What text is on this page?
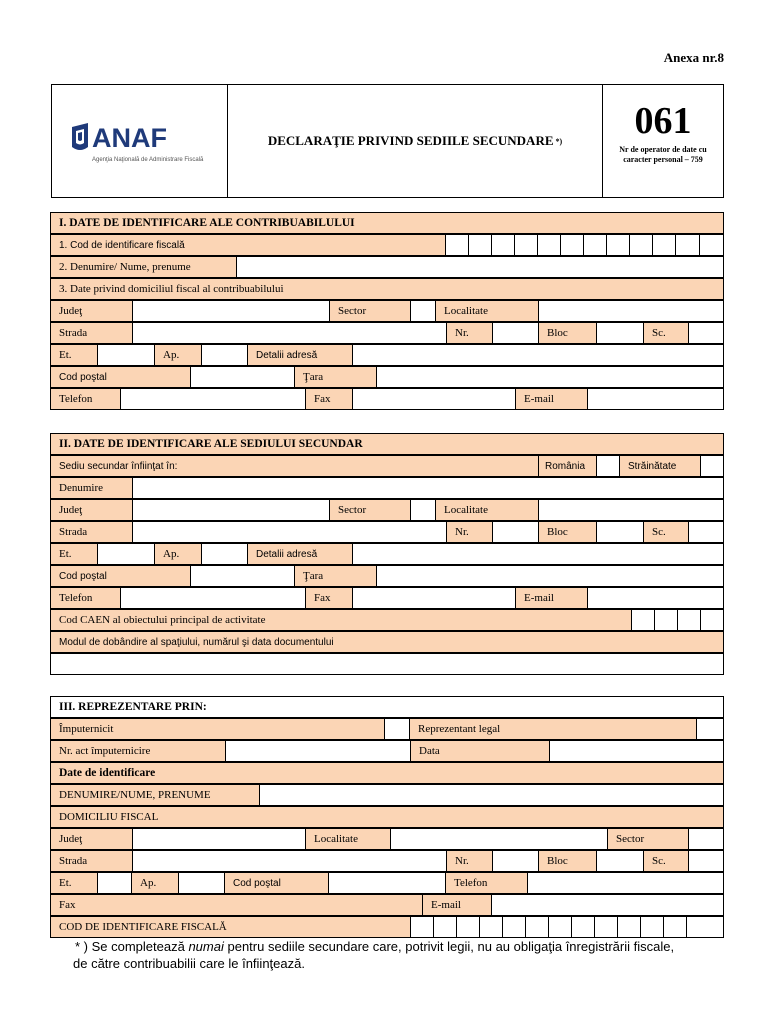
Anexa nr.8
ANAF
Agenţia Naţională de Administrare Fiscală
DECLARAŢIE PRIVIND SEDIILE SECUNDARE *)	061
Nr de operator de date cu caracter personal – 759
I. DATE DE IDENTIFICARE ALE CONTRIBUABILULUI
1. Cod de identificare fiscală
2. Denumire/ Nume, prenume
3. Date privind domiciliul fiscal al contribuabilului
Judeţ	Sector	Localitate
Strada	Nr.	Bloc	Sc.
Et.	Ap.	Detalii adresă
Cod poştal	Ţara
Telefon	Fax	E-mail
II. DATE DE IDENTIFICARE ALE SEDIULUI SECUNDAR
Sediu secundar înfiinţat în:	România	Străinătate
Denumire
Judeţ	Sector	Localitate
Strada	Nr.	Bloc	Sc.
Et.	Ap.	Detalii adresă
Cod poştal	Ţara
Telefon	Fax	E-mail
Cod CAEN al obiectului principal de activitate
Modul de dobândire al spaţiului, numărul şi data documentului
III. REPREZENTARE PRIN:
Împuternicit	Reprezentant legal
Nr. act împuternicire	Data
Date de identificare
DENUMIRE/NUME, PRENUME
DOMICILIU FISCAL
Judeţ	Localitate	Sector
Strada	Nr.	Bloc	Sc.
Et.	Ap.	Cod poştal	Telefon
Fax	E-mail
COD DE IDENTIFICARE FISCALĂ
* ) Se completează numai pentru sediile secundare care, potrivit legii, nu au obligaţia înregistrării fiscale,
de către contribuabilii care le înfiinţează.
